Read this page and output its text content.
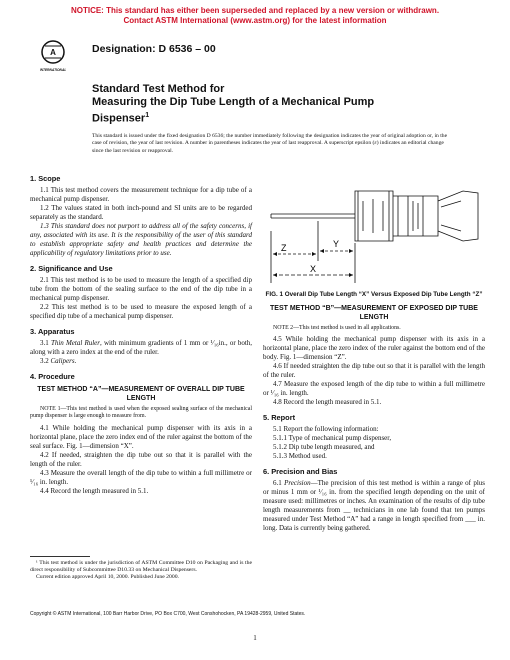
NOTICE: This standard has either been superseded and replaced by a new version or withdrawn.
Contact ASTM International (www.astm.org) for the latest information
A
INTERNATIONAL
Designation: D 6536 – 00
Standard Test Method for
Measuring the Dip Tube Length of a Mechanical Pump
Dispenser$^1$
This standard is issued under the fixed designation D 6536; the number immediately following the designation indicates the year of original adoption or, in the case of revision, the year of last revision. A number in parentheses indicates the year of last reapproval. A superscript epsilon (ε) indicates an editorial change since the last revision or reapproval.
1. Scope

1.1 This test method covers the measurement technique for a dip tube of a mechanical pump dispenser.

1.2 The values stated in both inch-pound and SI units are to be regarded separately as the standard.

1.3 This standard does not purport to address all of the safety concerns, if any, associated with its use. It is the responsibility of the user of this standard to establish appropriate safety and health practices and determine the applicability of regulatory limitations prior to use.

2. Significance and Use

2.1 This test method is to be used to measure the length of a specified dip tube from the bottom of the sealing surface to the end of the dip tube in a mechanical pump dispenser.

2.2 This test method is to be used to measure the exposed length of a specified dip tube of a mechanical pump dispenser.

3. Apparatus

3.1 Thin Metal Ruler, with minimum gradients of 1 mm or ¹⁄₁₆in., or both, along with a zero index at the end of the ruler.

3.2 Calipers.

4. Procedure
TEST METHOD “A”—MEASUREMENT OF OVERALL DIP TUBE LENGTH

NOTE 1—This test method is used when the exposed sealing surface of the mechanical pump dispenser is large enough to measure from.

4.1 While holding the mechanical pump dispenser with its axis in a horizontal plane, place the zero index end of the ruler against the bottom of the seal surface. Fig. 1—dimension “X”.

4.2 If needed, straighten the dip tube out so that it is parallel with the length of the ruler.

4.3 Measure the overall length of the dip tube to within a full millimetre or ¹⁄₁₆ in. length.

4.4 Record the length measured in 5.1.

¹ This test method is under the jurisdiction of ASTM Committee D10 on Packaging and is the direct responsibility of Subcommittee D10.33 on Mechanical Dispensers.

Current edition approved April 10, 2000. Published June 2000.

Z	Y
X
FIG. 1 Overall Dip Tube Length “X” Versus Exposed Dip Tube Length “Z”
TEST METHOD “B”—MEASUREMENT OF EXPOSED DIP TUBE LENGTH

NOTE 2—This test method is used in all applications.

4.5 While holding the mechanical pump dispenser with its axis in a horizontal plane, place the zero index of the ruler against the bottom end of the body. Fig. 1—dimension “Z”.

4.6 If needed straighten the dip tube out so that it is parallel with the length of the ruler.

4.7 Measure the exposed length of the dip tube to within a full millimetre or ¹⁄₁₆ in. length.

4.8 Record the length measured in 5.1.

5. Report

5.1 Report the following information:

5.1.1 Type of mechanical pump dispenser,

5.1.2 Dip tube length measured, and

5.1.3 Method used.

6. Precision and Bias

6.1 Precision—The precision of this test method is within a range of plus or minus 1 mm or ¹⁄₁₆ in. from the specified length depending on the unit of measure used: millimetres or inches. An examination of the results of dip tube length measurements from __ technicians in one lab found that ten pumps measured under Test Method “A” had a range in length specified from ___ in. long. Data is currently being gathered.

Copyright © ASTM International, 100 Barr Harbor Drive, PO Box C700, West Conshohocken, PA 19428-2959, United States.
1
